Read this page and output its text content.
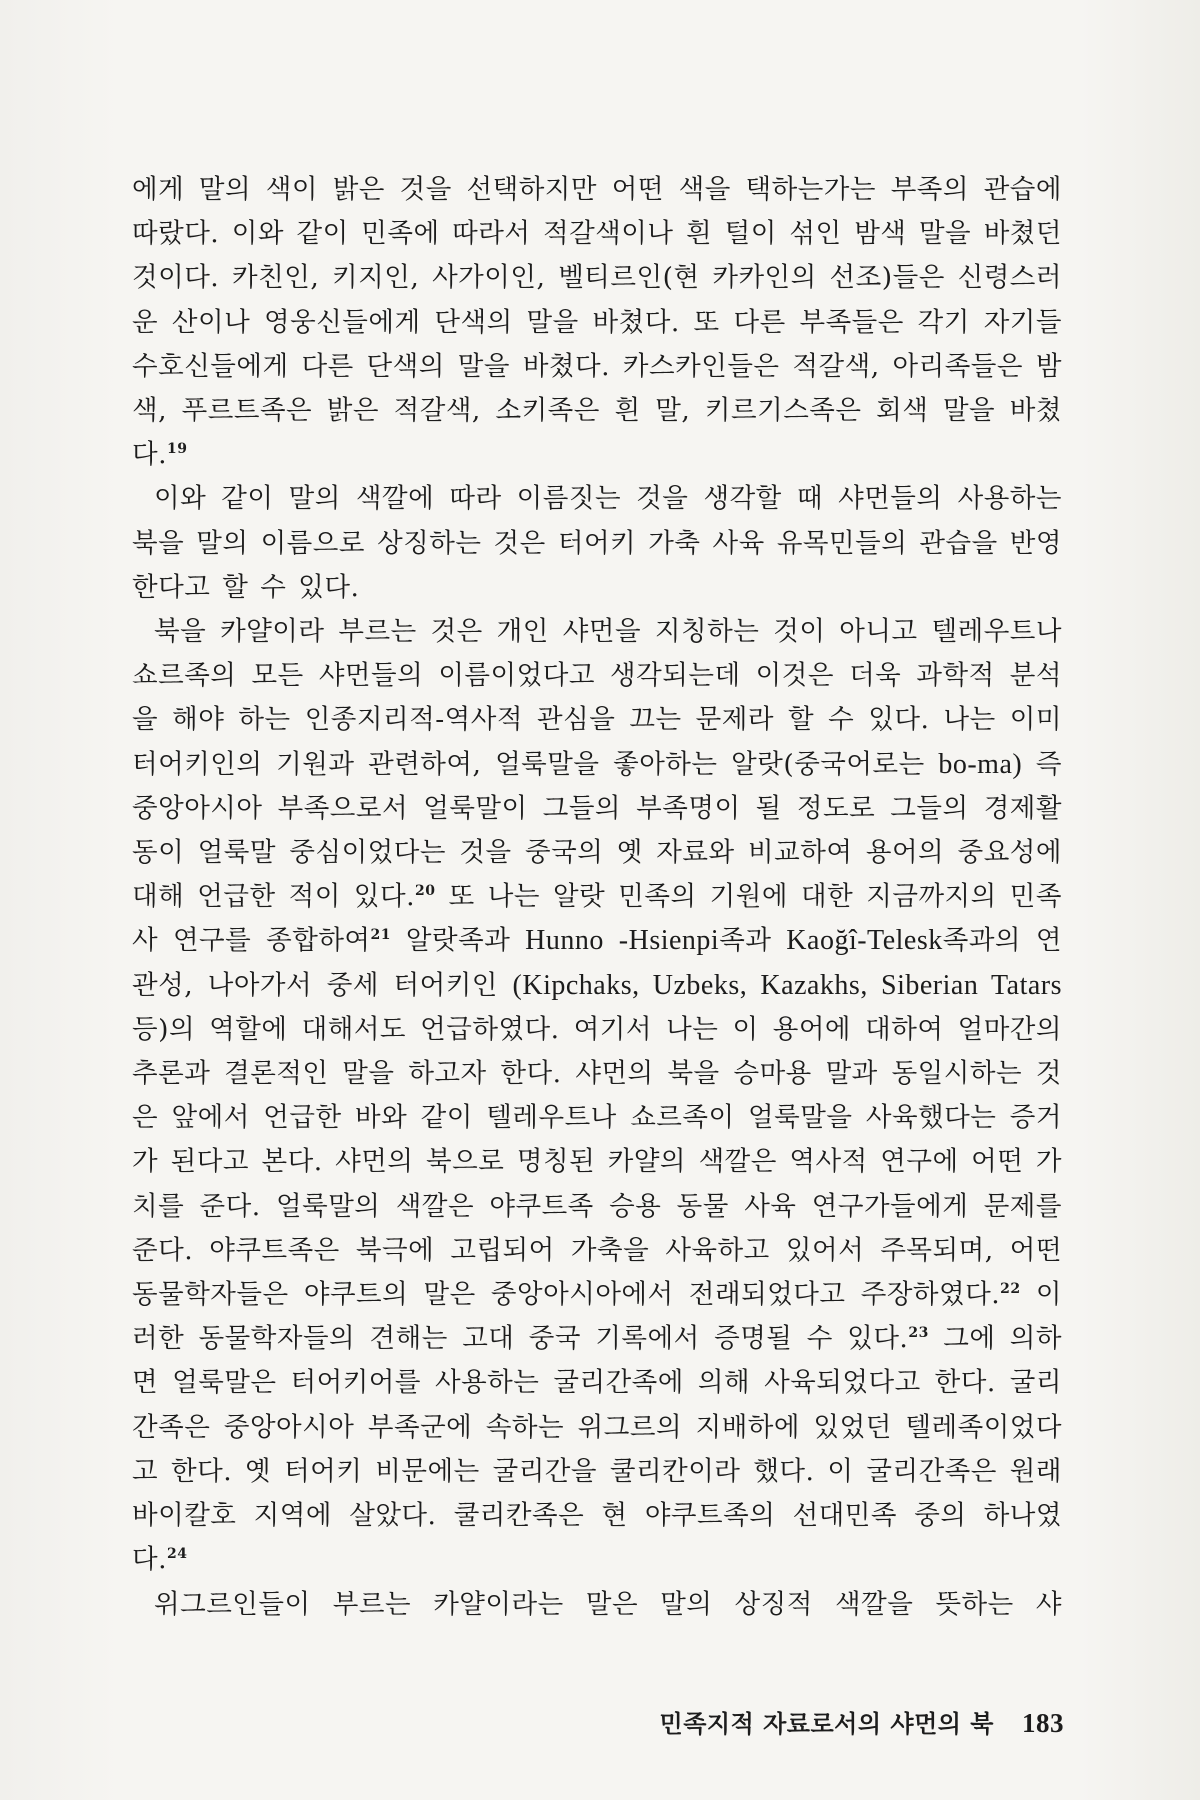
에게 말의 색이 밝은 것을 선택하지만 어떤 색을 택하는가는 부족의 관습에 따랐다. 이와 같이 민족에 따라서 적갈색이나 흰 털이 섞인 밤색 말을 바쳤던 것이다. 카친인, 키지인, 사가이인, 벨티르인(현 카카인의 선조)들은 신령스러운 산이나 영웅신들에게 단색의 말을 바쳤다. 또 다른 부족들은 각기 자기들 수호신들에게 다른 단색의 말을 바쳤다. 카스카인들은 적갈색, 아리족들은 밤색, 푸르트족은 밝은 적갈색, 소키족은 흰 말, 키르기스족은 회색 말을 바쳤다.$^{19}$

이와 같이 말의 색깔에 따라 이름짓는 것을 생각할 때 샤먼들의 사용하는 북을 말의 이름으로 상징하는 것은 터어키 가축 사육 유목민들의 관습을 반영한다고 할 수 있다.

북을 카얄이라 부르는 것은 개인 샤먼을 지칭하는 것이 아니고 텔레우트나 쇼르족의 모든 샤먼들의 이름이었다고 생각되는데 이것은 더욱 과학적 분석을 해야 하는 인종지리적-역사적 관심을 끄는 문제라 할 수 있다. 나는 이미 터어키인의 기원과 관련하여, 얼룩말을 좋아하는 알랏(중국어로는 bo-ma) 즉 중앙아시아 부족으로서 얼룩말이 그들의 부족명이 될 정도로 그들의 경제활동이 얼룩말 중심이었다는 것을 중국의 옛 자료와 비교하여 용어의 중요성에 대해 언급한 적이 있다.$^{20}$ 또 나는 알랏 민족의 기원에 대한 지금까지의 민족사 연구를 종합하여$^{21}$ 알랏족과 Hunno -Hsienpi족과 Kaoğî-Telesk족과의 연관성, 나아가서 중세 터어키인 (Kipchaks, Uzbeks, Kazakhs, Siberian Tatars 등)의 역할에 대해서도 언급하였다. 여기서 나는 이 용어에 대하여 얼마간의 추론과 결론적인 말을 하고자 한다. 샤먼의 북을 승마용 말과 동일시하는 것은 앞에서 언급한 바와 같이 텔레우트나 쇼르족이 얼룩말을 사육했다는 증거가 된다고 본다. 샤먼의 북으로 명칭된 카얄의 색깔은 역사적 연구에 어떤 가치를 준다. 얼룩말의 색깔은 야쿠트족 승용 동물 사육 연구가들에게 문제를 준다. 야쿠트족은 북극에 고립되어 가축을 사육하고 있어서 주목되며, 어떤 동물학자들은 야쿠트의 말은 중앙아시아에서 전래되었다고 주장하였다.$^{22}$ 이러한 동물학자들의 견해는 고대 중국 기록에서 증명될 수 있다.$^{23}$ 그에 의하면 얼룩말은 터어키어를 사용하는 굴리간족에 의해 사육되었다고 한다. 굴리간족은 중앙아시아 부족군에 속하는 위그르의 지배하에 있었던 텔레족이었다고 한다. 옛 터어키 비문에는 굴리간을 쿨리칸이라 했다. 이 굴리간족은 원래 바이칼호 지역에 살았다. 쿨리칸족은 현 야쿠트족의 선대민족 중의 하나였다.$^{24}$

위그르인들이 부르는 카얄이라는 말은 말의 상징적 색깔을 뜻하는 샤

민족지적 자료로서의 샤먼의 북 183
